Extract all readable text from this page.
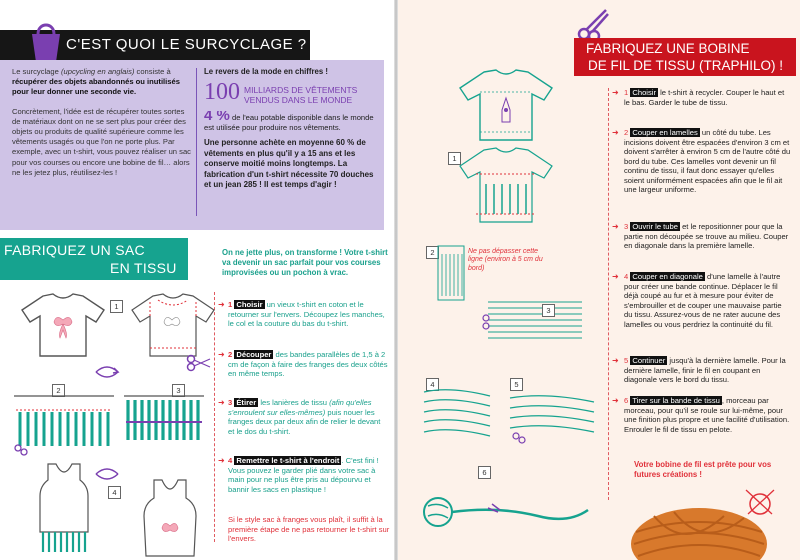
C'EST QUOI LE SURCYCLAGE ?

Le surcyclage (upcycling en anglais) consiste à récupérer des objets abandonnés ou inutilisés pour leur donner une seconde vie.

Concrètement, l'idée est de récupérer toutes sortes de matériaux dont on ne se sert plus pour créer des objets ou produits de qualité supérieure comme les vêtements usagés ou que l'on ne porte plus. Par exemple, avec un t-shirt, vous pouvez réaliser un sac pour vos courses ou encore une bobine de fil… alors ne les jetez plus, réutilisez-les !

Le revers de la mode en chiffres !
100 MILLIARDS DE VÊTEMENTS VENDUS DANS LE MONDE
4 % de l'eau potable disponible dans le monde est utilisée pour produire nos vêtements.
Une personne achète en moyenne 60 % de vêtements en plus qu'il y a 15 ans et les conserve moitié moins longtemps. La fabrication d'un t-shirt nécessite 70 douches et un jean 285 ! Il est temps d'agir !
FABRIQUEZ UN SAC
EN TISSU
On ne jette plus, on transforme ! Votre t-shirt va devenir un sac parfait pour vos courses improvisées ou un pochon à vrac.
➜ 1 Choisir un vieux t-shirt en coton et le retourner sur l'envers. Découpez les manches, le col et la couture du bas du t-shirt.
➜ 2 Découper des bandes parallèles de 1,5 à 2 cm de façon à faire des franges des deux côtés en même temps.
➜ 3 Étirer les lanières de tissu (afin qu'elles s'enroulent sur elles-mêmes) puis nouer les franges deux par deux afin de relier le devant et le dos du t-shirt.
➜ 4 Remettre le t-shirt à l'endroit . C'est fini ! Vous pouvez le garder plié dans votre sac à main pour ne plus être pris au dépourvu et bannir les sacs en plastique !
Si le style sac à franges vous plaît, il suffit à la première étape de ne pas retourner le t-shirt sur l'envers.
1
2	3
4
FABRIQUEZ UNE BOBINE
DE FIL DE TISSU (TRAPHILO) !
➜ 1 Choisir le t-shirt à recycler. Couper le haut et le bas. Garder le tube de tissu.
➜ 2 Couper en lamelles un côté du tube. Les incisions doivent être espacées d'environ 3 cm et doivent s'arrêter à environ 5 cm de l'autre côté du bord du tube. Ces lamelles vont devenir un fil continu de tissu, il faut donc essayer qu'elles soient uniformément espacées afin que le fil ait une largeur uniforme.
➜ 3 Ouvrir le tube et le repositionner pour que la partie non découpée se trouve au milieu. Couper en diagonale dans la première lamelle.
➜ 4 Couper en diagonale d'une lamelle à l'autre pour créer une bande continue. Déplacer le fil déjà coupé au fur et à mesure pour éviter de s'embrouiller et de couper une mauvaise partie du tissu. Assurez-vous de ne rater aucune des lamelles ou vous perdriez la continuité du fil.
➜ 5 Continuer jusqu'à la dernière lamelle. Pour la dernière lamelle, finir le fil en coupant en diagonale vers le bord du tissu.
➜ 6 Tirer sur la bande de tissu , morceau par morceau, pour qu'il se roule sur lui-même, pour une finition plus propre et une facilité d'utilisation. Enrouler le fil de tissu en pelote.
Votre bobine de fil est prête pour vos futures créations !
Ne pas dépasser cette ligne (environ à 5 cm du bord)
1
2
3
4	5
6
